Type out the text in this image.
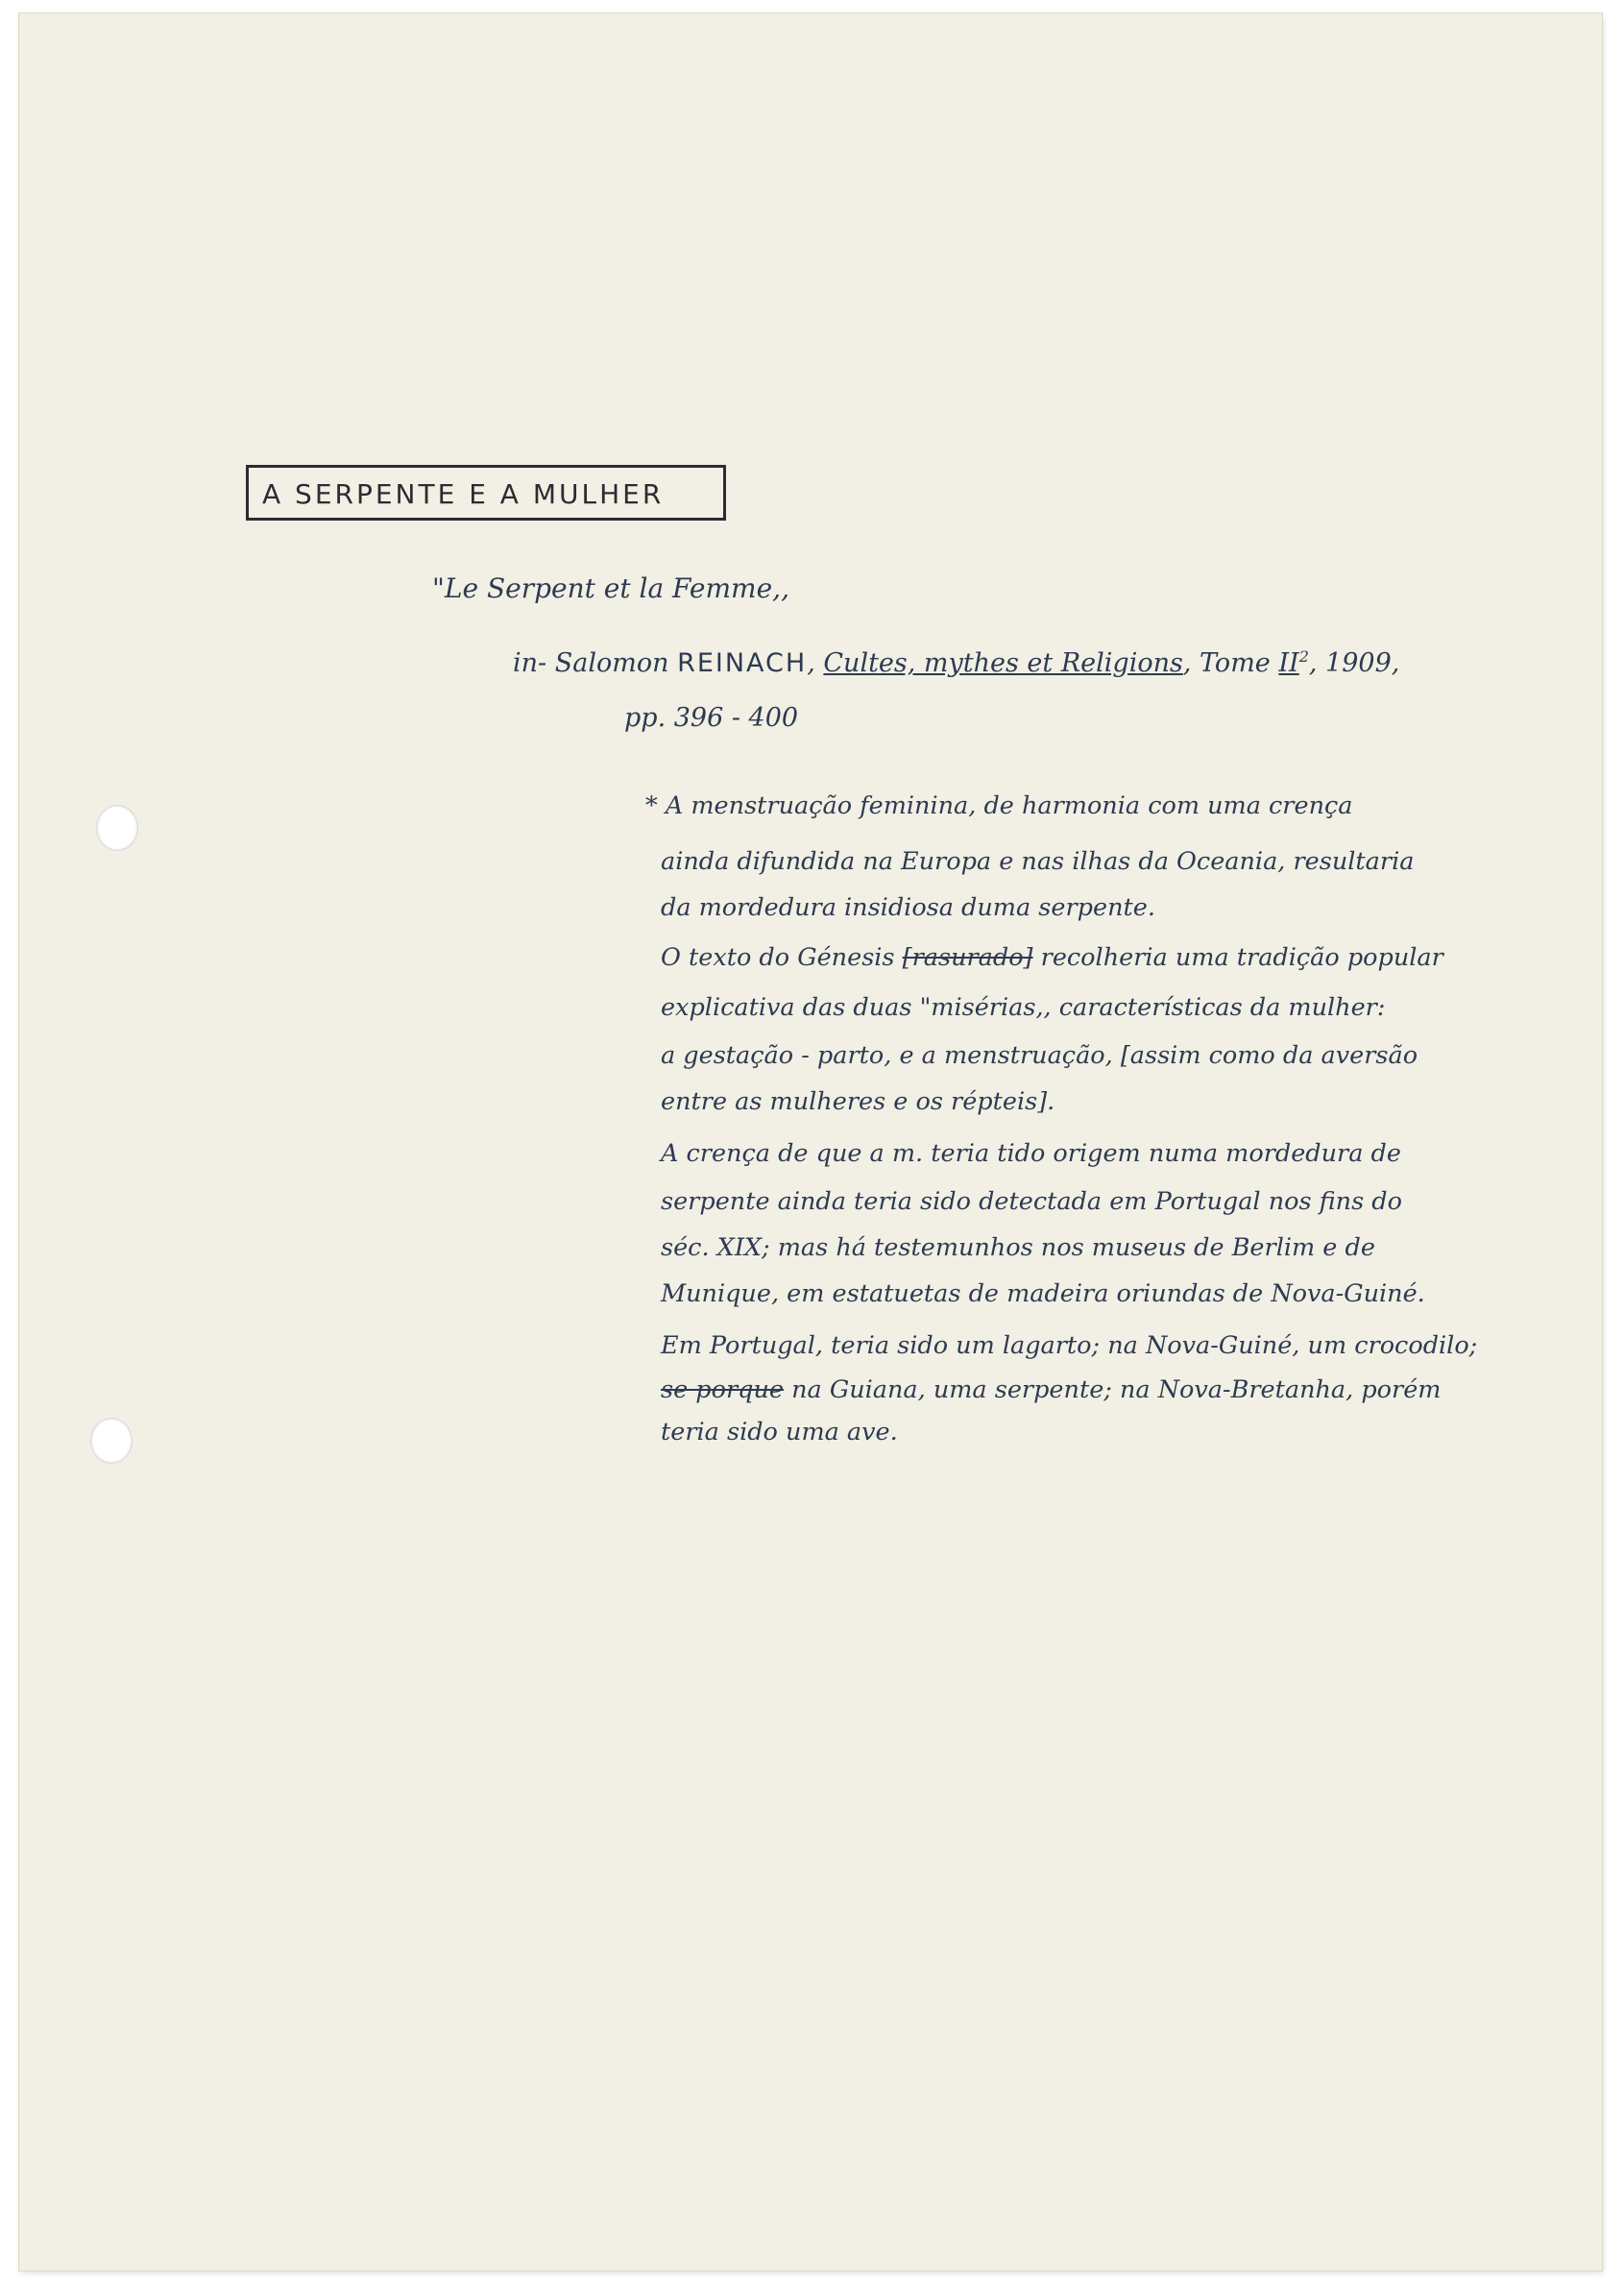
A SERPENTE E A MULHER
"Le Serpent et la Femme,,
in- Salomon REINACH, Cultes, mythes et Religions, Tome $II^2$, 1909,
pp. 396 - 400
* A menstruação feminina, de harmonia com uma crença
ainda difundida na Europa e nas ilhas da Oceania, resultaria
da mordedura insidiosa duma serpente.
O texto do Génesis [rasurado] recolheria uma tradição popular
explicativa das duas "misérias,, características da mulher:
a gestação - parto, e a menstruação, [assim como da aversão
entre as mulheres e os répteis].
A crença de que a m. teria tido origem numa mordedura de
serpente ainda teria sido detectada em Portugal nos fins do
séc. XIX; mas há testemunhos nos museus de Berlim e de
Munique, em estatuetas de madeira oriundas de Nova-Guiné.
Em Portugal, teria sido um lagarto; na Nova-Guiné, um crocodilo;
se porque na Guiana, uma serpente; na Nova-Bretanha, porém
teria sido uma ave.
